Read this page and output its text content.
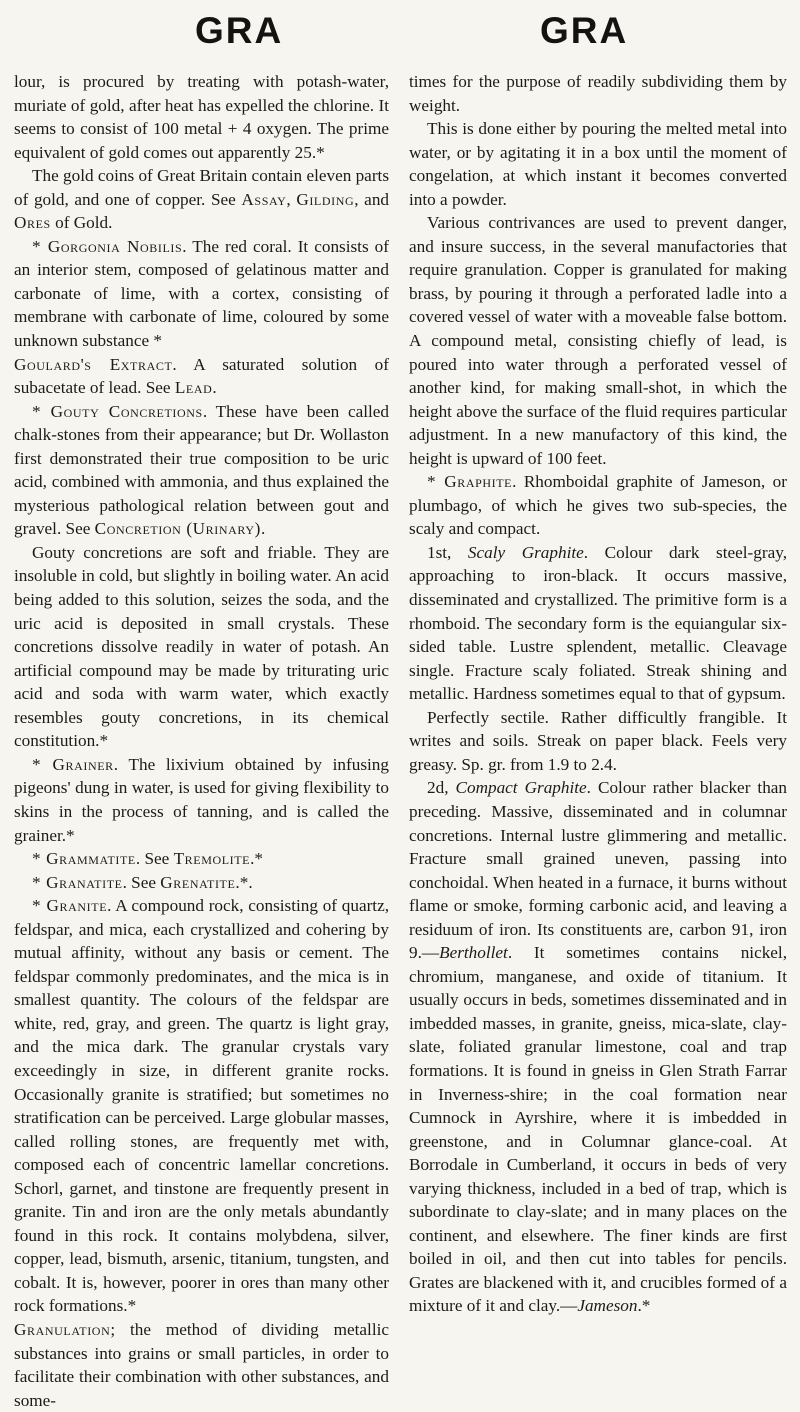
GRA	GRA

lour, is procured by treating with potash-water, muriate of gold, after heat has expelled the chlorine. It seems to consist of 100 metal + 4 oxygen. The prime equivalent of gold comes out apparently 25.*

The gold coins of Great Britain contain eleven parts of gold, and one of copper. See Assay, Gilding, and Ores of Gold.

* Gorgonia Nobilis. The red coral. It consists of an interior stem, composed of gelatinous matter and carbonate of lime, with a cortex, consisting of membrane with carbonate of lime, coloured by some unknown substance *

Goulard's Extract. A saturated solution of subacetate of lead. See Lead.

* Gouty Concretions. These have been called chalk-stones from their appearance; but Dr. Wollaston first demonstrated their true composition to be uric acid, combined with ammonia, and thus explained the mysterious pathological relation between gout and gravel. See Concretion (Urinary).

Gouty concretions are soft and friable. They are insoluble in cold, but slightly in boiling water. An acid being added to this solution, seizes the soda, and the uric acid is deposited in small crystals. These concretions dissolve readily in water of potash. An artificial compound may be made by triturating uric acid and soda with warm water, which exactly resembles gouty concretions, in its chemical constitution.*

* Grainer. The lixivium obtained by infusing pigeons' dung in water, is used for giving flexibility to skins in the process of tanning, and is called the grainer.*

* Grammatite. See Tremolite.*

* Granatite. See Grenatite.*.

* Granite. A compound rock, consisting of quartz, feldspar, and mica, each crystallized and cohering by mutual affinity, without any basis or cement. The feldspar commonly predominates, and the mica is in smallest quantity. The colours of the feldspar are white, red, gray, and green. The quartz is light gray, and the mica dark. The granular crystals vary exceedingly in size, in different granite rocks. Occasionally granite is stratified; but sometimes no stratification can be perceived. Large globular masses, called rolling stones, are frequently met with, composed each of concentric lamellar concretions. Schorl, garnet, and tinstone are frequently present in granite. Tin and iron are the only metals abundantly found in this rock. It contains molybdena, silver, copper, lead, bismuth, arsenic, titanium, tungsten, and cobalt. It is, however, poorer in ores than many other rock formations.*

Granulation; the method of dividing metallic substances into grains or small particles, in order to facilitate their combination with other substances, and some-

times for the purpose of readily subdividing them by weight.

This is done either by pouring the melted metal into water, or by agitating it in a box until the moment of congelation, at which instant it becomes converted into a powder.

Various contrivances are used to prevent danger, and insure success, in the several manufactories that require granulation. Copper is granulated for making brass, by pouring it through a perforated ladle into a covered vessel of water with a moveable false bottom. A compound metal, consisting chiefly of lead, is poured into water through a perforated vessel of another kind, for making small-shot, in which the height above the surface of the fluid requires particular adjustment. In a new manufactory of this kind, the height is upward of 100 feet.

* Graphite. Rhomboidal graphite of Jameson, or plumbago, of which he gives two sub-species, the scaly and compact.

1st, Scaly Graphite. Colour dark steel-gray, approaching to iron-black. It occurs massive, disseminated and crystallized. The primitive form is a rhomboid. The secondary form is the equiangular six-sided table. Lustre splendent, metallic. Cleavage single. Fracture scaly foliated. Streak shining and metallic. Hardness sometimes equal to that of gypsum.

Perfectly sectile. Rather difficultly frangible. It writes and soils. Streak on paper black. Feels very greasy. Sp. gr. from 1.9 to 2.4.

2d, Compact Graphite. Colour rather blacker than preceding. Massive, disseminated and in columnar concretions. Internal lustre glimmering and metallic. Fracture small grained uneven, passing into conchoidal. When heated in a furnace, it burns without flame or smoke, forming carbonic acid, and leaving a residuum of iron. Its constituents are, carbon 91, iron 9.—Berthollet. It sometimes contains nickel, chromium, manganese, and oxide of titanium. It usually occurs in beds, sometimes disseminated and in imbedded masses, in granite, gneiss, mica-slate, clay-slate, foliated granular limestone, coal and trap formations. It is found in gneiss in Glen Strath Farrar in Inverness-shire; in the coal formation near Cumnock in Ayrshire, where it is imbedded in greenstone, and in Columnar glance-coal. At Borrodale in Cumberland, it occurs in beds of very varying thickness, included in a bed of trap, which is subordinate to clay-slate; and in many places on the continent, and elsewhere. The finer kinds are first boiled in oil, and then cut into tables for pencils. Grates are blackened with it, and crucibles formed of a mixture of it and clay.—Jameson.*
